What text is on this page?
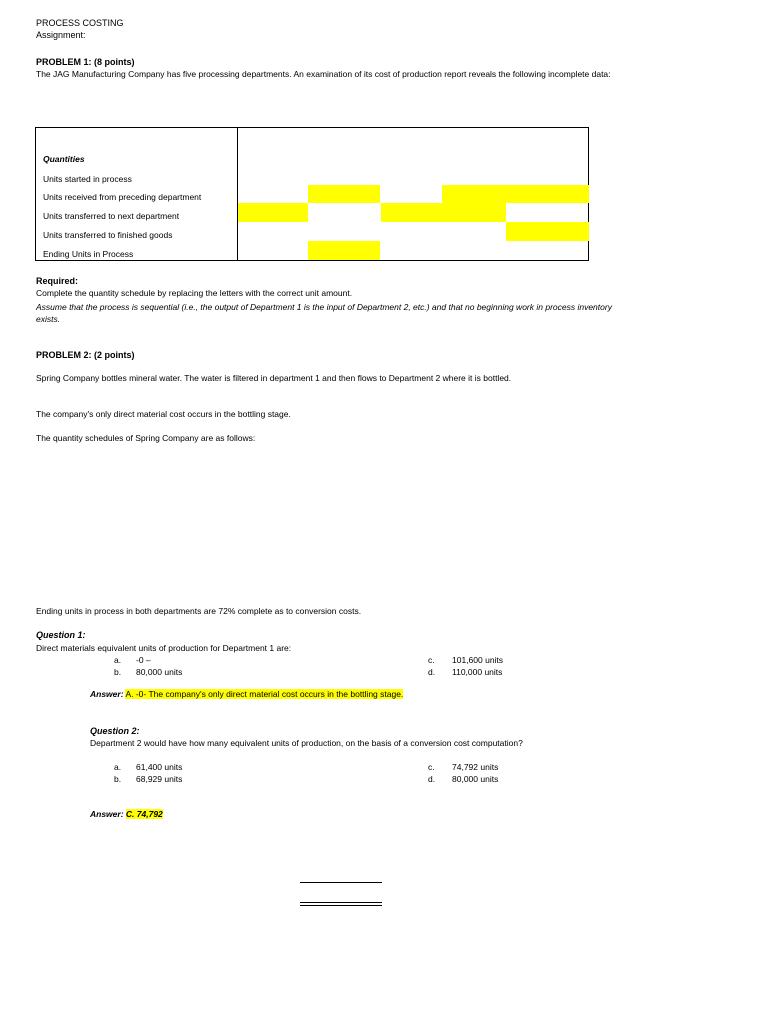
PROCESS COSTING
Assignment:
PROBLEM 1: (8 points)
The JAG Manufacturing Company has five processing departments. An examination of its cost of production report reveals the following incomplete data:
Quantities
Units started in process
Units received from preceding department
Units transferred to next department
Units transferred to finished goods
Ending Units in Process
Required:
Complete the quantity schedule by replacing the letters with the correct unit amount.
Assume that the process is sequential (i.e., the output of Department 1 is the input of Department 2, etc.) and that no beginning work in process inventory
exists.
PROBLEM 2: (2 points)
Spring Company bottles mineral water. The water is filtered in department 1 and then flows to Department 2 where it is bottled.
The company's only direct material cost occurs in the bottling stage.
The quantity schedules of Spring Company are as follows:
Ending units in process in both departments are 72% complete as to conversion costs.
Question 1:
Direct materials equivalent units of production for Department 1 are:
a. -0 –
b. 80,000 units
c. 101,600 units
d. 110,000 units
Answer: A. -0- The company's only direct material cost occurs in the bottling stage.
Question 2:
Department 2 would have how many equivalent units of production, on the basis of a conversion cost computation?
a. 61,400 units
b. 68,929 units
c. 74,792 units
d. 80,000 units
Answer: C. 74,792
